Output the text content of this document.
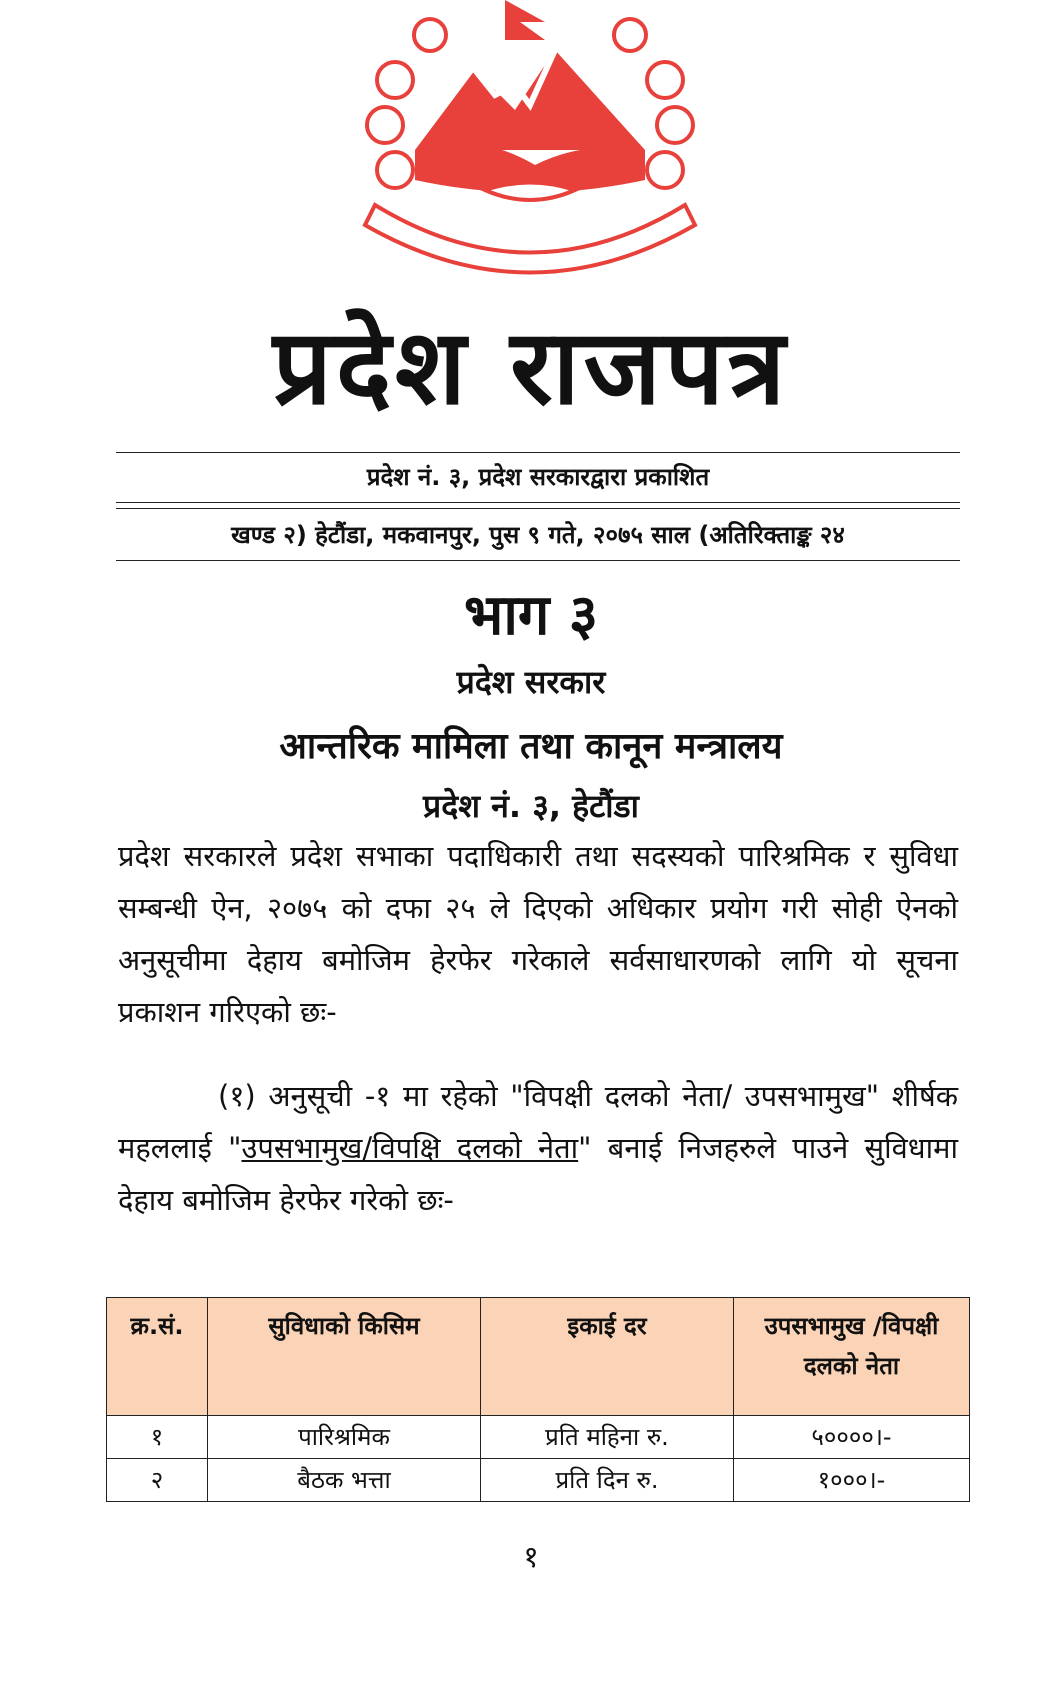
प्रदेश राजपत्र
प्रदेश नं. ३, प्रदेश सरकारद्वारा प्रकाशित
खण्ड २) हेटौंडा, मकवानपुर, पुस ९ गते, २०७५ साल (अतिरिक्ताङ्क २४
भाग ३
प्रदेश सरकार
आन्तरिक मामिला तथा कानून मन्त्रालय
प्रदेश नं. ३, हेटौंडा
प्रदेश सरकारले प्रदेश सभाका पदाधिकारी तथा सदस्यको पारिश्रमिक र सुविधा सम्बन्धी ऐन, २०७५ को दफा २५ ले दिएको अधिकार प्रयोग गरी सोही ऐनको अनुसूचीमा देहाय बमोजिम हेरफेर गरेकाले सर्वसाधारणको लागि यो सूचना प्रकाशन गरिएको छः-
(१) अनुसूची -१ मा रहेको "विपक्षी दलको नेता/ उपसभामुख" शीर्षक महललाई "उपसभामुख/विपक्षि दलको नेता" बनाई निजहरुले पाउने सुविधामा देहाय बमोजिम हेरफेर गरेको छः-
क्र.सं.	सुविधाको किसिम	इकाई दर	उपसभामुख /विपक्षी दलको नेता
१	पारिश्रमिक	प्रति महिना रु.	५००००।-
२	बैठक भत्ता	प्रति दिन रु.	१०००।-
१
